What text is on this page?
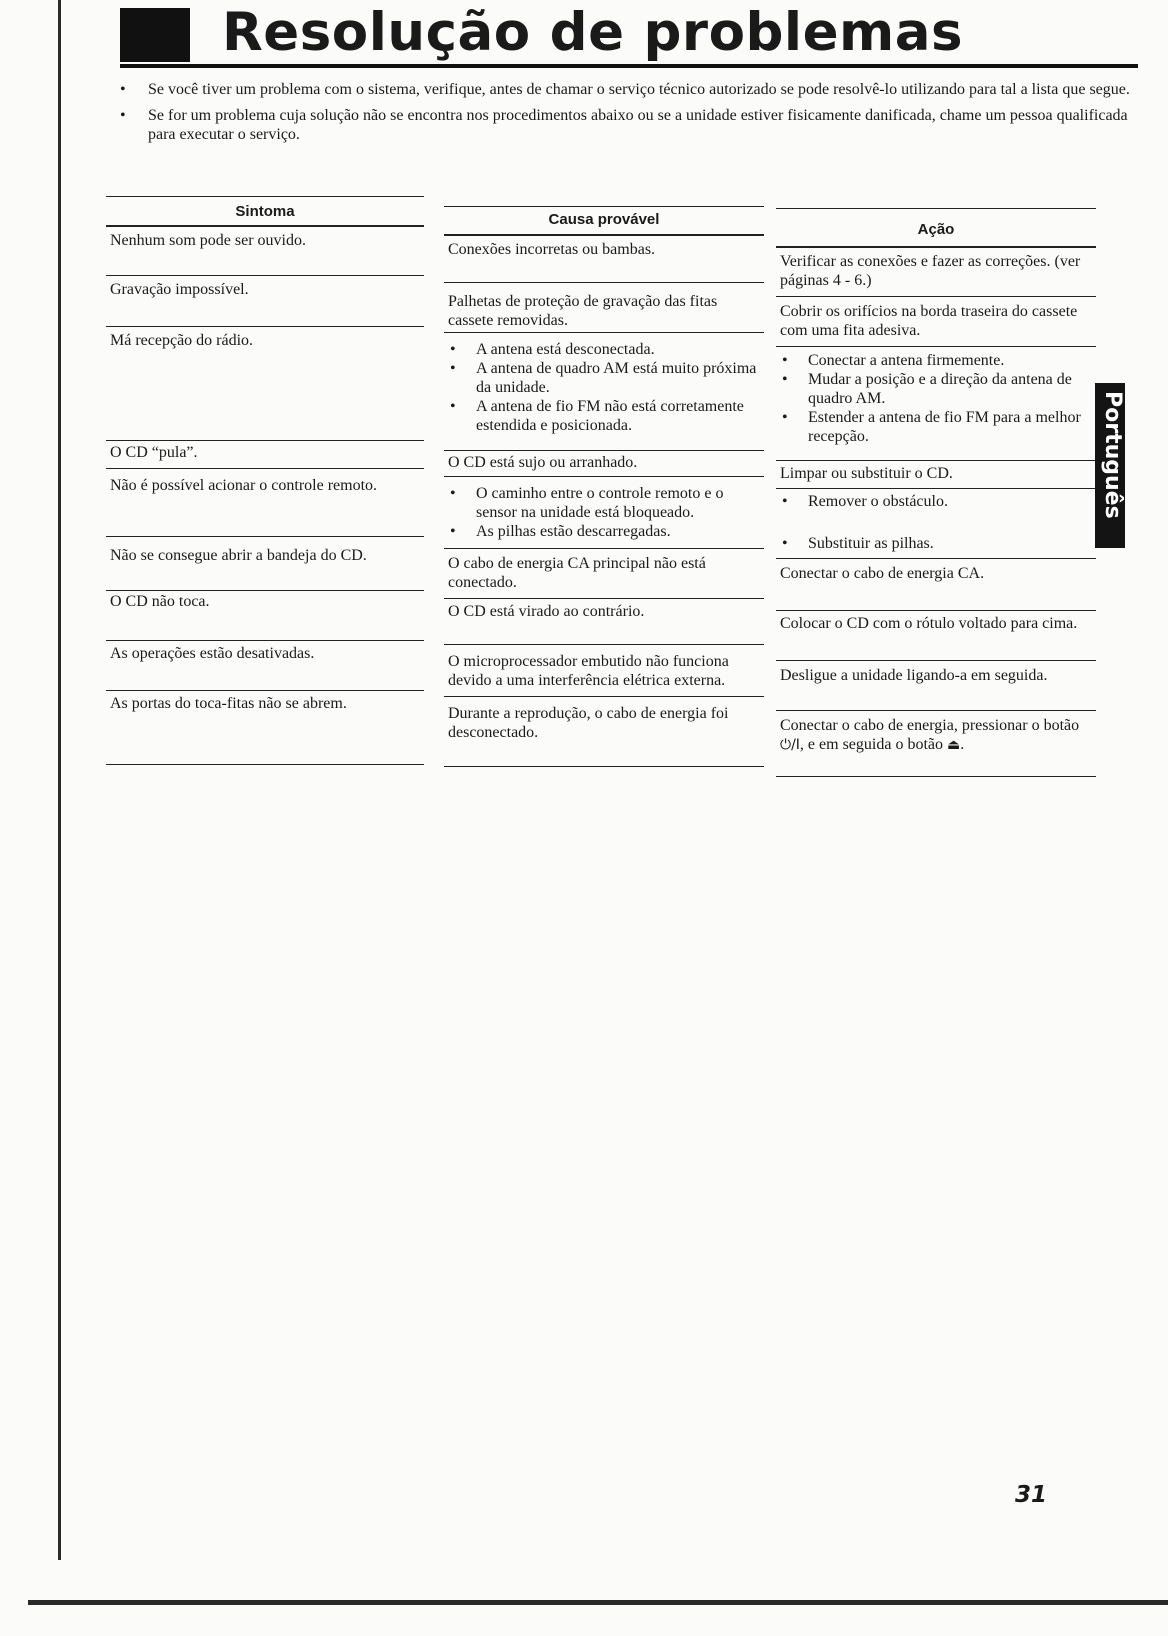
Resolução de problemas

• Se você tiver um problema com o sistema, verifique, antes de chamar o serviço técnico autorizado se pode resolvê-lo utilizando para tal a lista que segue.

• Se for um problema cuja solução não se encontra nos procedimentos abaixo ou se a unidade estiver fisicamente danificada, chame um pessoa qualificada para executar o serviço.

Sintoma
Nenhum som pode ser ouvido.
Gravação impossível.
Má recepção do rádio.
O CD “pula”.
Não é possível acionar o controle remoto.
Não se consegue abrir a bandeja do CD.
O CD não toca.
As operações estão desativadas.
As portas do toca-fitas não se abrem.
Causa provável
Conexões incorretas ou bambas.
Palhetas de proteção de gravação das fitas cassete removidas.

• A antena está desconectada.

• A antena de quadro AM está muito próxima da unidade.

• A antena de fio FM não está corretamente estendida e posicionada.

O CD está sujo ou arranhado.

• O caminho entre o controle remoto e o sensor na unidade está bloqueado.

• As pilhas estão descarregadas.

O cabo de energia CA principal não está conectado.
O CD está virado ao contrário.
O microprocessador embutido não funciona devido a uma interferência elétrica externa.
Durante a reprodução, o cabo de energia foi desconectado.
Ação
Verificar as conexões e fazer as correções. (ver páginas 4 - 6.)
Cobrir os orifícios na borda traseira do cassete com uma fita adesiva.

• Conectar a antena firmemente.

• Mudar a posição e a direção da antena de quadro AM.

• Estender a antena de fio FM para a melhor recepção.

Limpar ou substituir o CD.

• Remover o obstáculo.

• Substituir as pilhas.

Conectar o cabo de energia CA.
Colocar o CD com o rótulo voltado para cima.
Desligue a unidade ligando-a em seguida.
Conectar o cabo de energia, pressionar o botão ⏻/I, e em seguida o botão ⏏.
Português
31
